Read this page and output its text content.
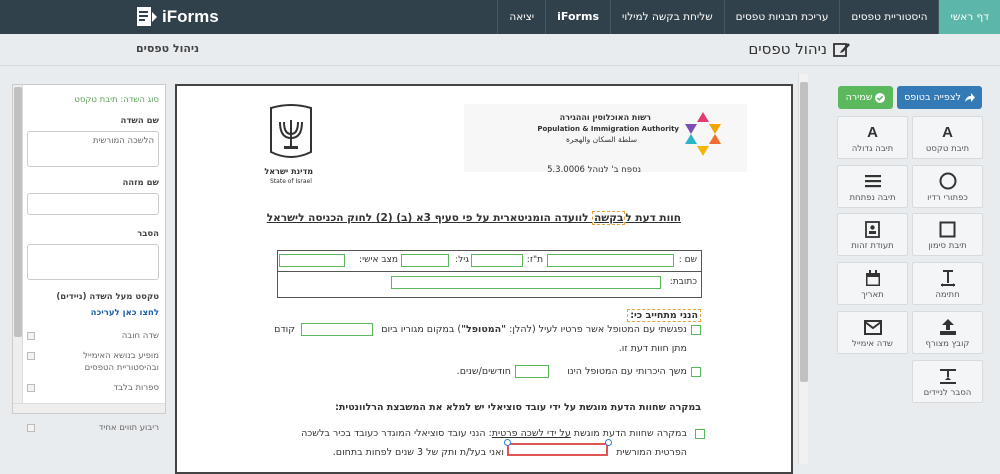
iForms	דף ראשי
היסטוריית טפסים
עריכת תבניות טפסים
שליחת בקשה למילוי
iForms
יציאה
ניהול טפסים
ניהול טפסים
סוג השדה: תיבת טקסט
שם השדה
הלשכה המורשית
שם מזהה
הסבר
טקסט מעל השדה (ניידים)
לחצו כאן לעריכה
שדה חובה
מופיע בנושא האימייל ובהיסטוריית הטפסים
ספרות בלבד
ריבוע תווים אחיד
רשות האוכלוסין וההגירה
Population & Immigration Authority
سلطة السكان والهجرة
מדינת ישראל
State of Israel
נספח ב' לנוהל 5.3.0006
חוות דעת לבקשה לוועדה הומניטארית על פי סעיף 3א (ב) (2) לחוק הכניסה לישראל
שם :
ת"ז:
גיל:
מצב אישי:
כתובת:
הנני מתחייב כי:
נפגשתי עם המטופל אשר פרטיו לעיל (להלן: "המטופל") במקום מגוריו ביום
קודם
מתן חוות דעת זו.
משך היכרותי עם המטופל הינו
חודשים/שנים.
במקרה שחוות הדעת מוגשת על ידי עובד סוציאלי יש למלא את המשבצת הרלוונטית:
במקרה שחוות הדעת מוגשת על ידי לשכה פרטית: הנני עובד סוציאלי המוגדר כעובד בכיר בלשכה
הפרטית המורשית
ואני בעל/ת ותק של 3 שנים לפחות בתחום.
לצפייה בטופס
שמירה
A
תיבת טקסט
A
תיבה גדולה
כפתורי רדיו
תיבה נפתחת
תיבת סימון
תעודת זהות
חתימה
תאריך
קובץ מצורף
שדה אימייל
הסבר לניידים
